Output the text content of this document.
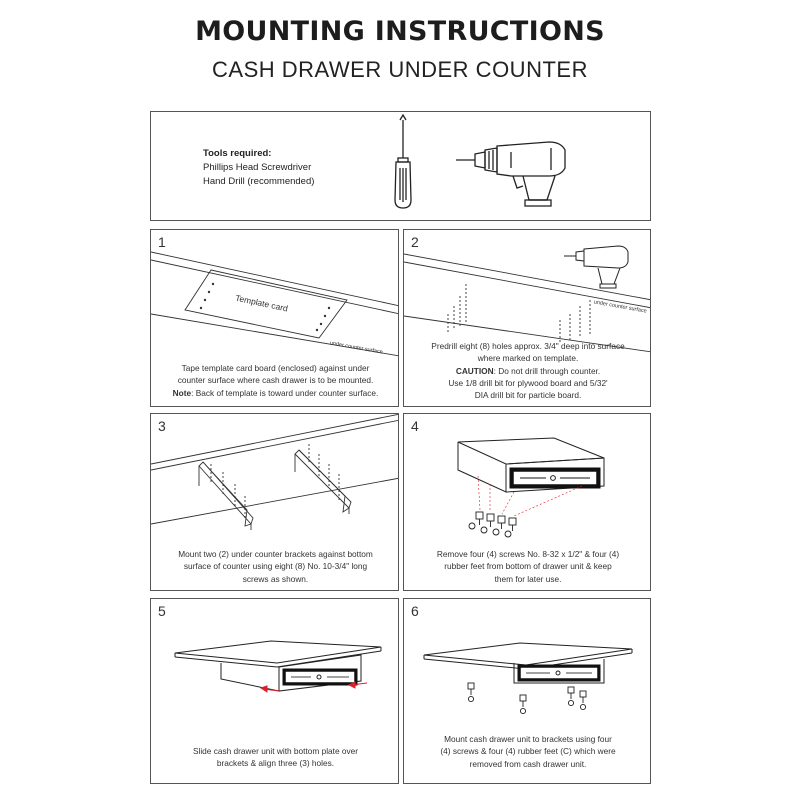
MOUNTING INSTRUCTIONS
CASH DRAWER UNDER COUNTER
Tools required:
Phillips Head Screwdriver
Hand Drill (recommended)
1
Template card
under counter surface
Tape template card board (enclosed) against under
counter surface where cash drawer is to be mounted.
Note: Back of template is toward under counter surface.
2
under counter surface
Predrill eight (8) holes approx. 3/4" deep into surface
where marked on template.
CAUTION: Do not drill through counter.
Use 1/8 drill bit for plywood board and 5/32'
DIA drill bit for particle board.
3
Mount two (2) under counter brackets against bottom
surface of counter using eight (8) No. 10-3/4" long
screws as shown.
4
Remove four (4) screws No. 8-32 x 1/2" & four (4)
rubber feet from bottom of drawer unit & keep
them for later use.
5
Slide cash drawer unit with bottom plate over
brackets & align three (3) holes.
6
Mount cash drawer unit to brackets using four
(4) screws & four (4) rubber feet (C) which were
removed from cash drawer unit.
